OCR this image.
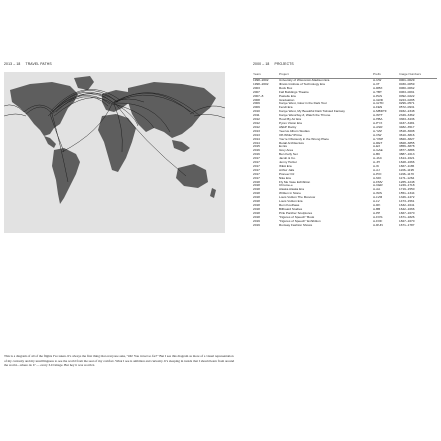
2013 – 18 TRAVEL PATHS	2000 – 18 PROJECTS
Years	Project	Prefix	Image Numbers
1998–2002	University of Wisconsin-Madison Era	A-UW	0001–0029
1998–2002	Illinois Institute of Technology Era	A-IIT	0030–0059
2003	Rock Box	A-RBX	0060–0062
2007	Fall Buildings Theatre	A-TBT	0063–0091
2007–8	Pastelle Era	A-PAS	0092–0222
2008	Graduation	A-GRD	0223–0295
2009	Kanye West, Glow in the Dark Tour	A-GITD	0296–0571
2009	Fendi Era	A-FEN	0572–0931
2010	Kanye West, My Beautiful Dark Twisted Fantasy	A-MBDTF	0932–2348
2011	Kanye West/Jay-Z, Watch the Throne	A-WTT	2349–3362
2012	Hood By Air Era	A-HBA	3363–3436
2012	Pyrex Vision Era	A-PYX	3437–3481
2012	A$AP Rocky	A-ASR	3482–3517
2013	Yeezus Album Studies	A-YZZ	3518–3608
2013	Off-White"/Prime	A-OW	3610–3816
2014	You're Obviously in the Wrong Place	A-YWP	3820–3827
2014	Retail Architecture	A-RET	3828–3855
2015	Ex Ex	A-EX	3856–3878
2016	Grey Area	A-GAE	3877–3886
2016	Ben Kelly Set	A-BK	3887–1613
2017	Jacob & Co.	A-JAC	1614–1621
2017	Jenny Holzer	A-JH	1628–1666
2017	IKEA Era	A-IK	1667–1165
2017	Arthur Jafa	A-AJ	1166–1195
2017	Pioneer DJ	A-PIO	1196–1170
2017	Nike Era	A-NIK	1171–1264
2018	Fly Me Vase Exhibition	A-FMV	1265–1248
2018	Chrome-e	A-CER	1249–1718
2018	Alaska Alaska Era	A-AA	1719–1550
2018	Written in Stone	A-WIS	1551–1344
2018	Louis Vuitton The Moscow	A-LVM	1346–1472
2018	Louis Vuitton Era	A-LV	1473–1561
2018	Rem Koolhaas	A-RK	1632–1641
2018	Billboard Studies	A-BB	1642–1666
2018	Pink Panther Sculptures	A-PP	1667–1670
2018	"Figures of Speech" Book	A-FOS	1671–1826
2019	"Figures of Speech" Exhibition	A-FOF	1827–1670
2019	Runway Fashion Shows	A-RUN	1671–1787

This is a diagram of all of the flights I've taken. It's always the first thing that everyone asks, "Oh! You travel so far?" But I see this diagram as more of a visual representation of my curiosity and my unwillingness to see the world from the seat of my comfort. What I see is ambition and curiosity. It's sleeping in trends that I should learn from around the world—where do I? — every 3-D image. But hey it was worth it.
